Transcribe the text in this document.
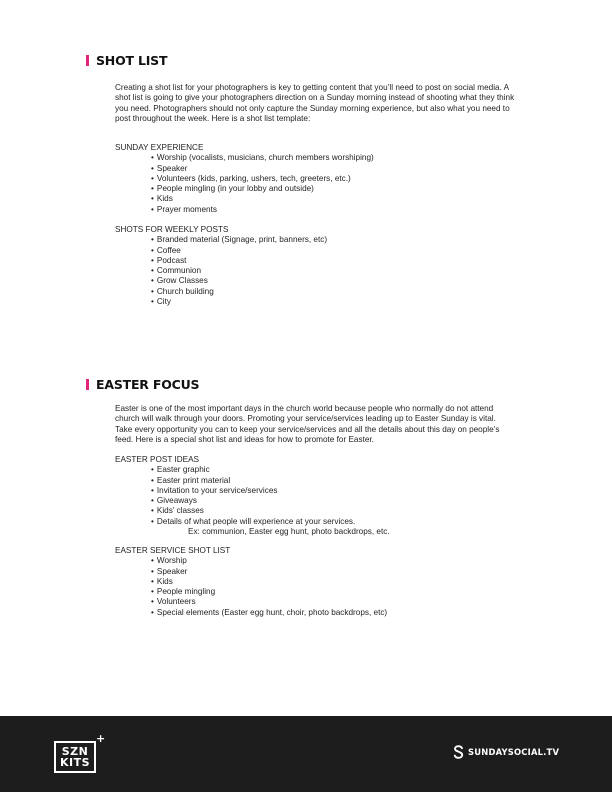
SHOT LIST

Creating a shot list for your photographers is key to getting content that you’ll need to post on social media. A shot list is going to give your photographers direction on a Sunday morning instead of shooting what they think you need. Photographers should not only capture the Sunday morning experience, but also what you need to post throughout the week. Here is a shot list template:

SUNDAY EXPERIENCE
• Worship (vocalists, musicians, church members worshiping)
• Speaker
• Volunteers (kids, parking, ushers, tech, greeters, etc.)
• People mingling (in your lobby and outside)
• Kids
• Prayer moments
SHOTS FOR WEEKLY POSTS
• Branded material (Signage, print, banners, etc)
• Coffee
• Podcast
• Communion
• Grow Classes
• Church building
• City
EASTER FOCUS

Easter is one of the most important days in the church world because people who normally do not attend church will walk through your doors. Promoting your service/services leading up to Easter Sunday is vital. Take every opportunity you can to keep your service/services and all the details about this day on people’s feed. Here is a special shot list and ideas for how to promote for Easter.

EASTER POST IDEAS
• Easter graphic
• Easter print material
• Invitation to your service/services
• Giveaways
• Kids’ classes
• Details of what people will experience at your services.
Ex: communion, Easter egg hunt, photo backdrops, etc.
EASTER SERVICE SHOT LIST
• Worship
• Speaker
• Kids
• People mingling
• Volunteers
• Special elements (Easter egg hunt, choir, photo backdrops, etc)
SZN
KITS
+
SUNDAYSOCIAL.TV
